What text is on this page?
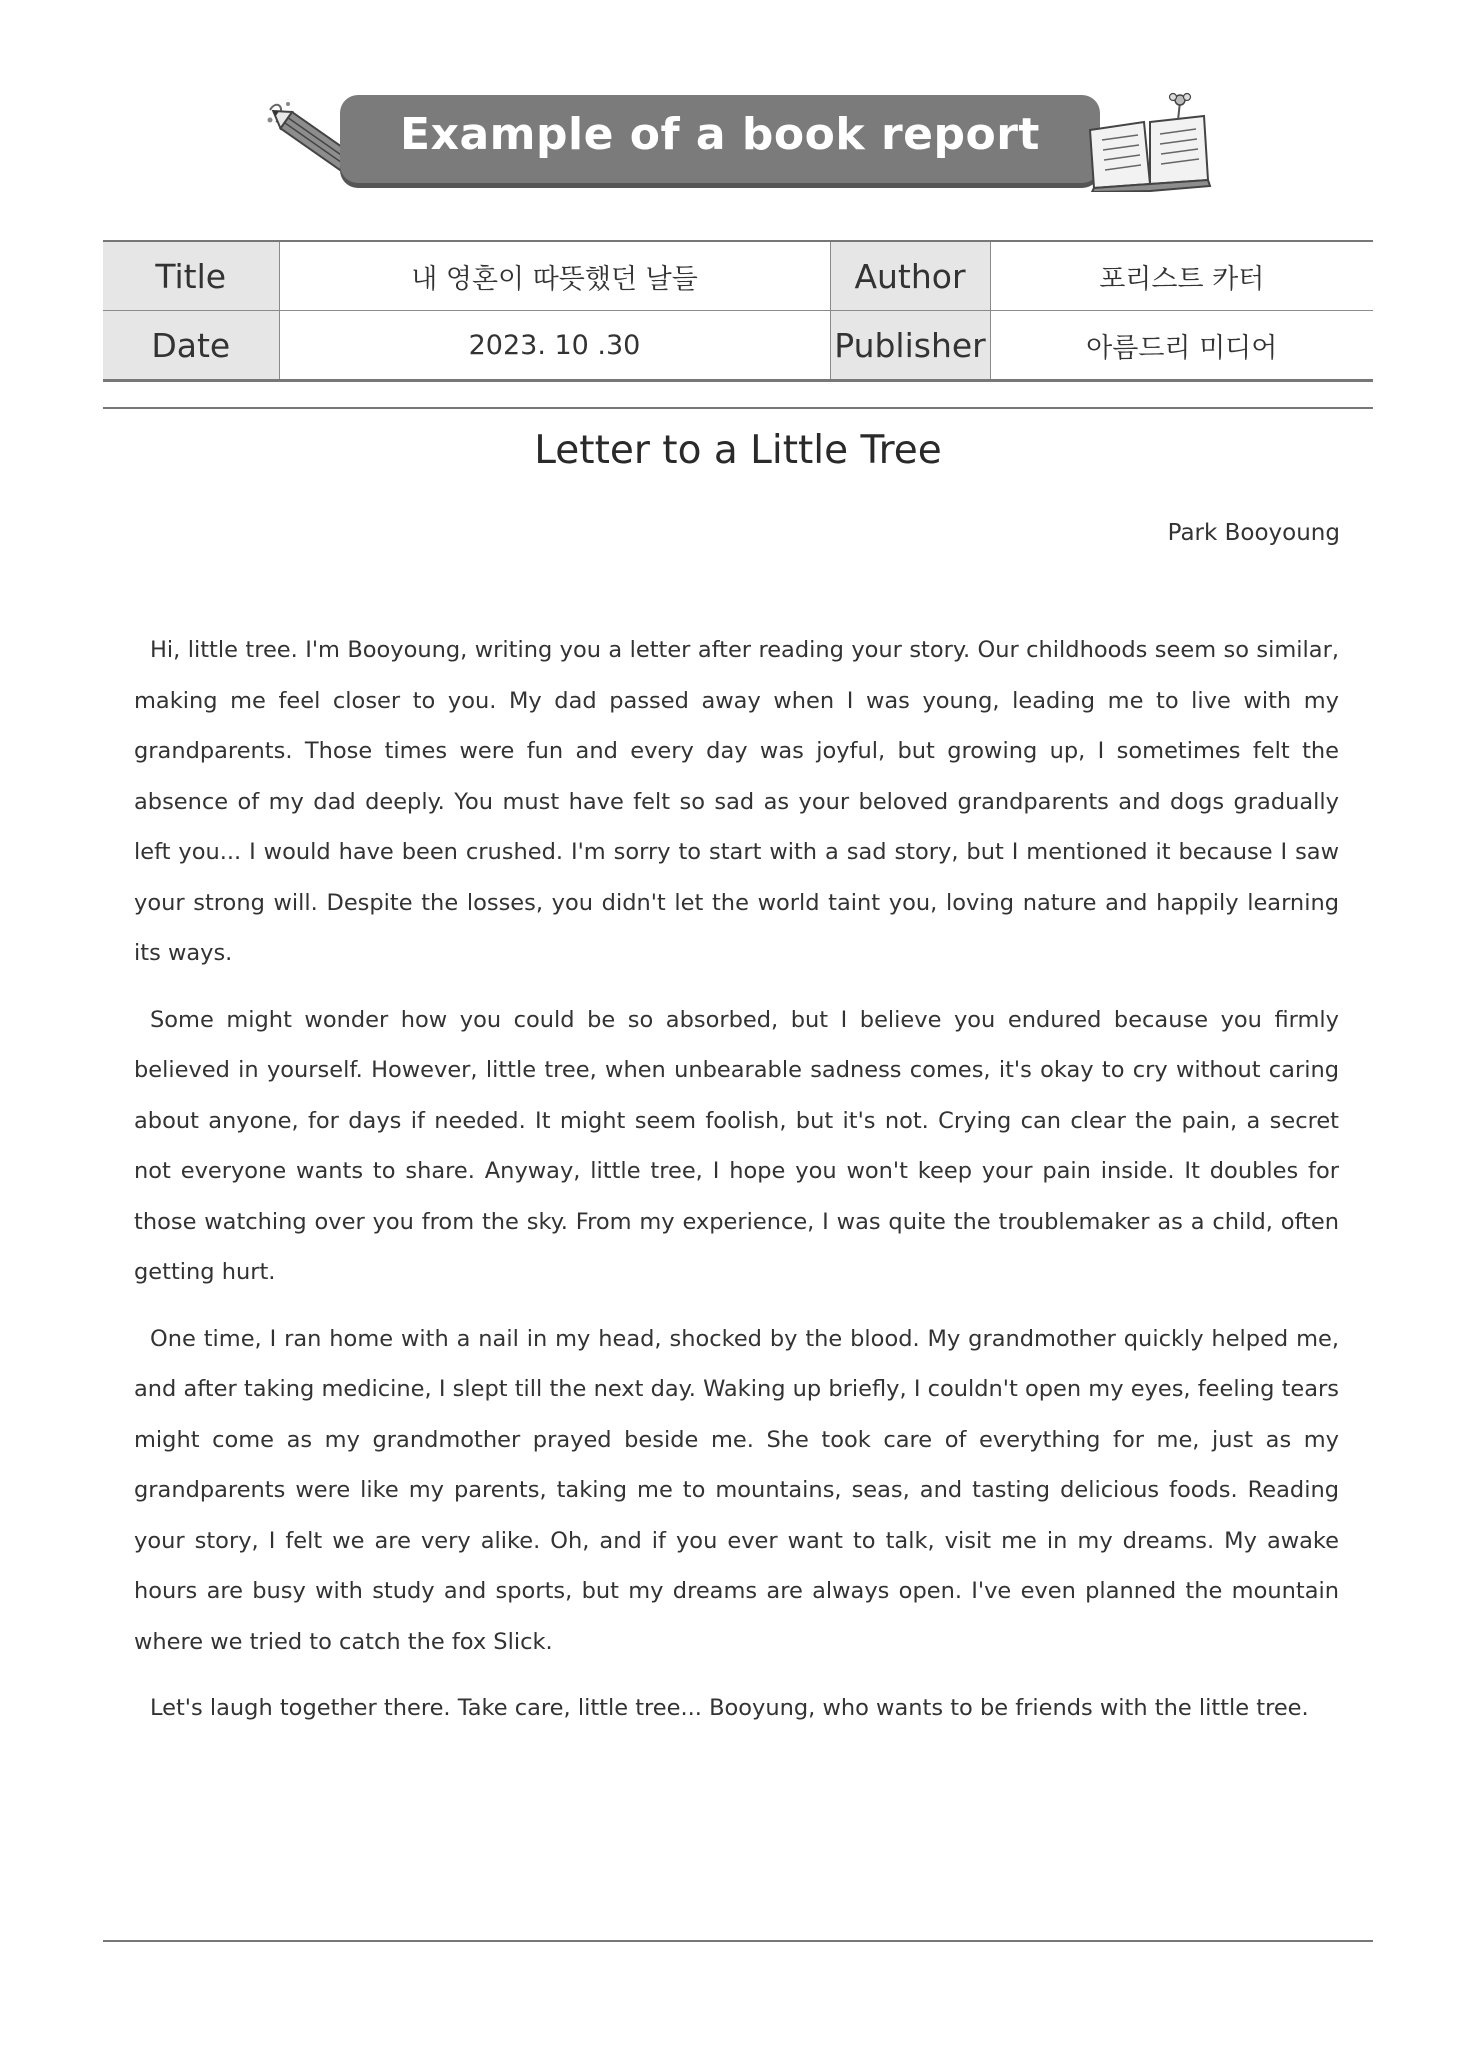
Example of a book report
Title	내 영혼이 따뜻했던 날들	Author	포리스트 카터
Date	2023. 10 .30	Publisher	아름드리 미디어
Letter to a Little Tree
Park Booyoung

Hi, little tree. I'm Booyoung, writing you a letter after reading your story. Our childhoods seem so similar, making me feel closer to you. My dad passed away when I was young, leading me to live with my grandparents. Those times were fun and every day was joyful, but growing up, I sometimes felt the absence of my dad deeply. You must have felt so sad as your beloved grandparents and dogs gradually left you... I would have been crushed. I'm sorry to start with a sad story, but I mentioned it because I saw your strong will. Despite the losses, you didn't let the world taint you, loving nature and happily learning its ways.

Some might wonder how you could be so absorbed, but I believe you endured because you firmly believed in yourself. However, little tree, when unbearable sadness comes, it's okay to cry without caring about anyone, for days if needed. It might seem foolish, but it's not. Crying can clear the pain, a secret not everyone wants to share. Anyway, little tree, I hope you won't keep your pain inside. It doubles for those watching over you from the sky. From my experience, I was quite the troublemaker as a child, often getting hurt.

One time, I ran home with a nail in my head, shocked by the blood. My grandmother quickly helped me, and after taking medicine, I slept till the next day. Waking up briefly, I couldn't open my eyes, feeling tears might come as my grandmother prayed beside me. She took care of everything for me, just as my grandparents were like my parents, taking me to mountains, seas, and tasting delicious foods. Reading your story, I felt we are very alike. Oh, and if you ever want to talk, visit me in my dreams. My awake hours are busy with study and sports, but my dreams are always open. I've even planned the mountain where we tried to catch the fox Slick.

Let's laugh together there. Take care, little tree... Booyung, who wants to be friends with the little tree.
